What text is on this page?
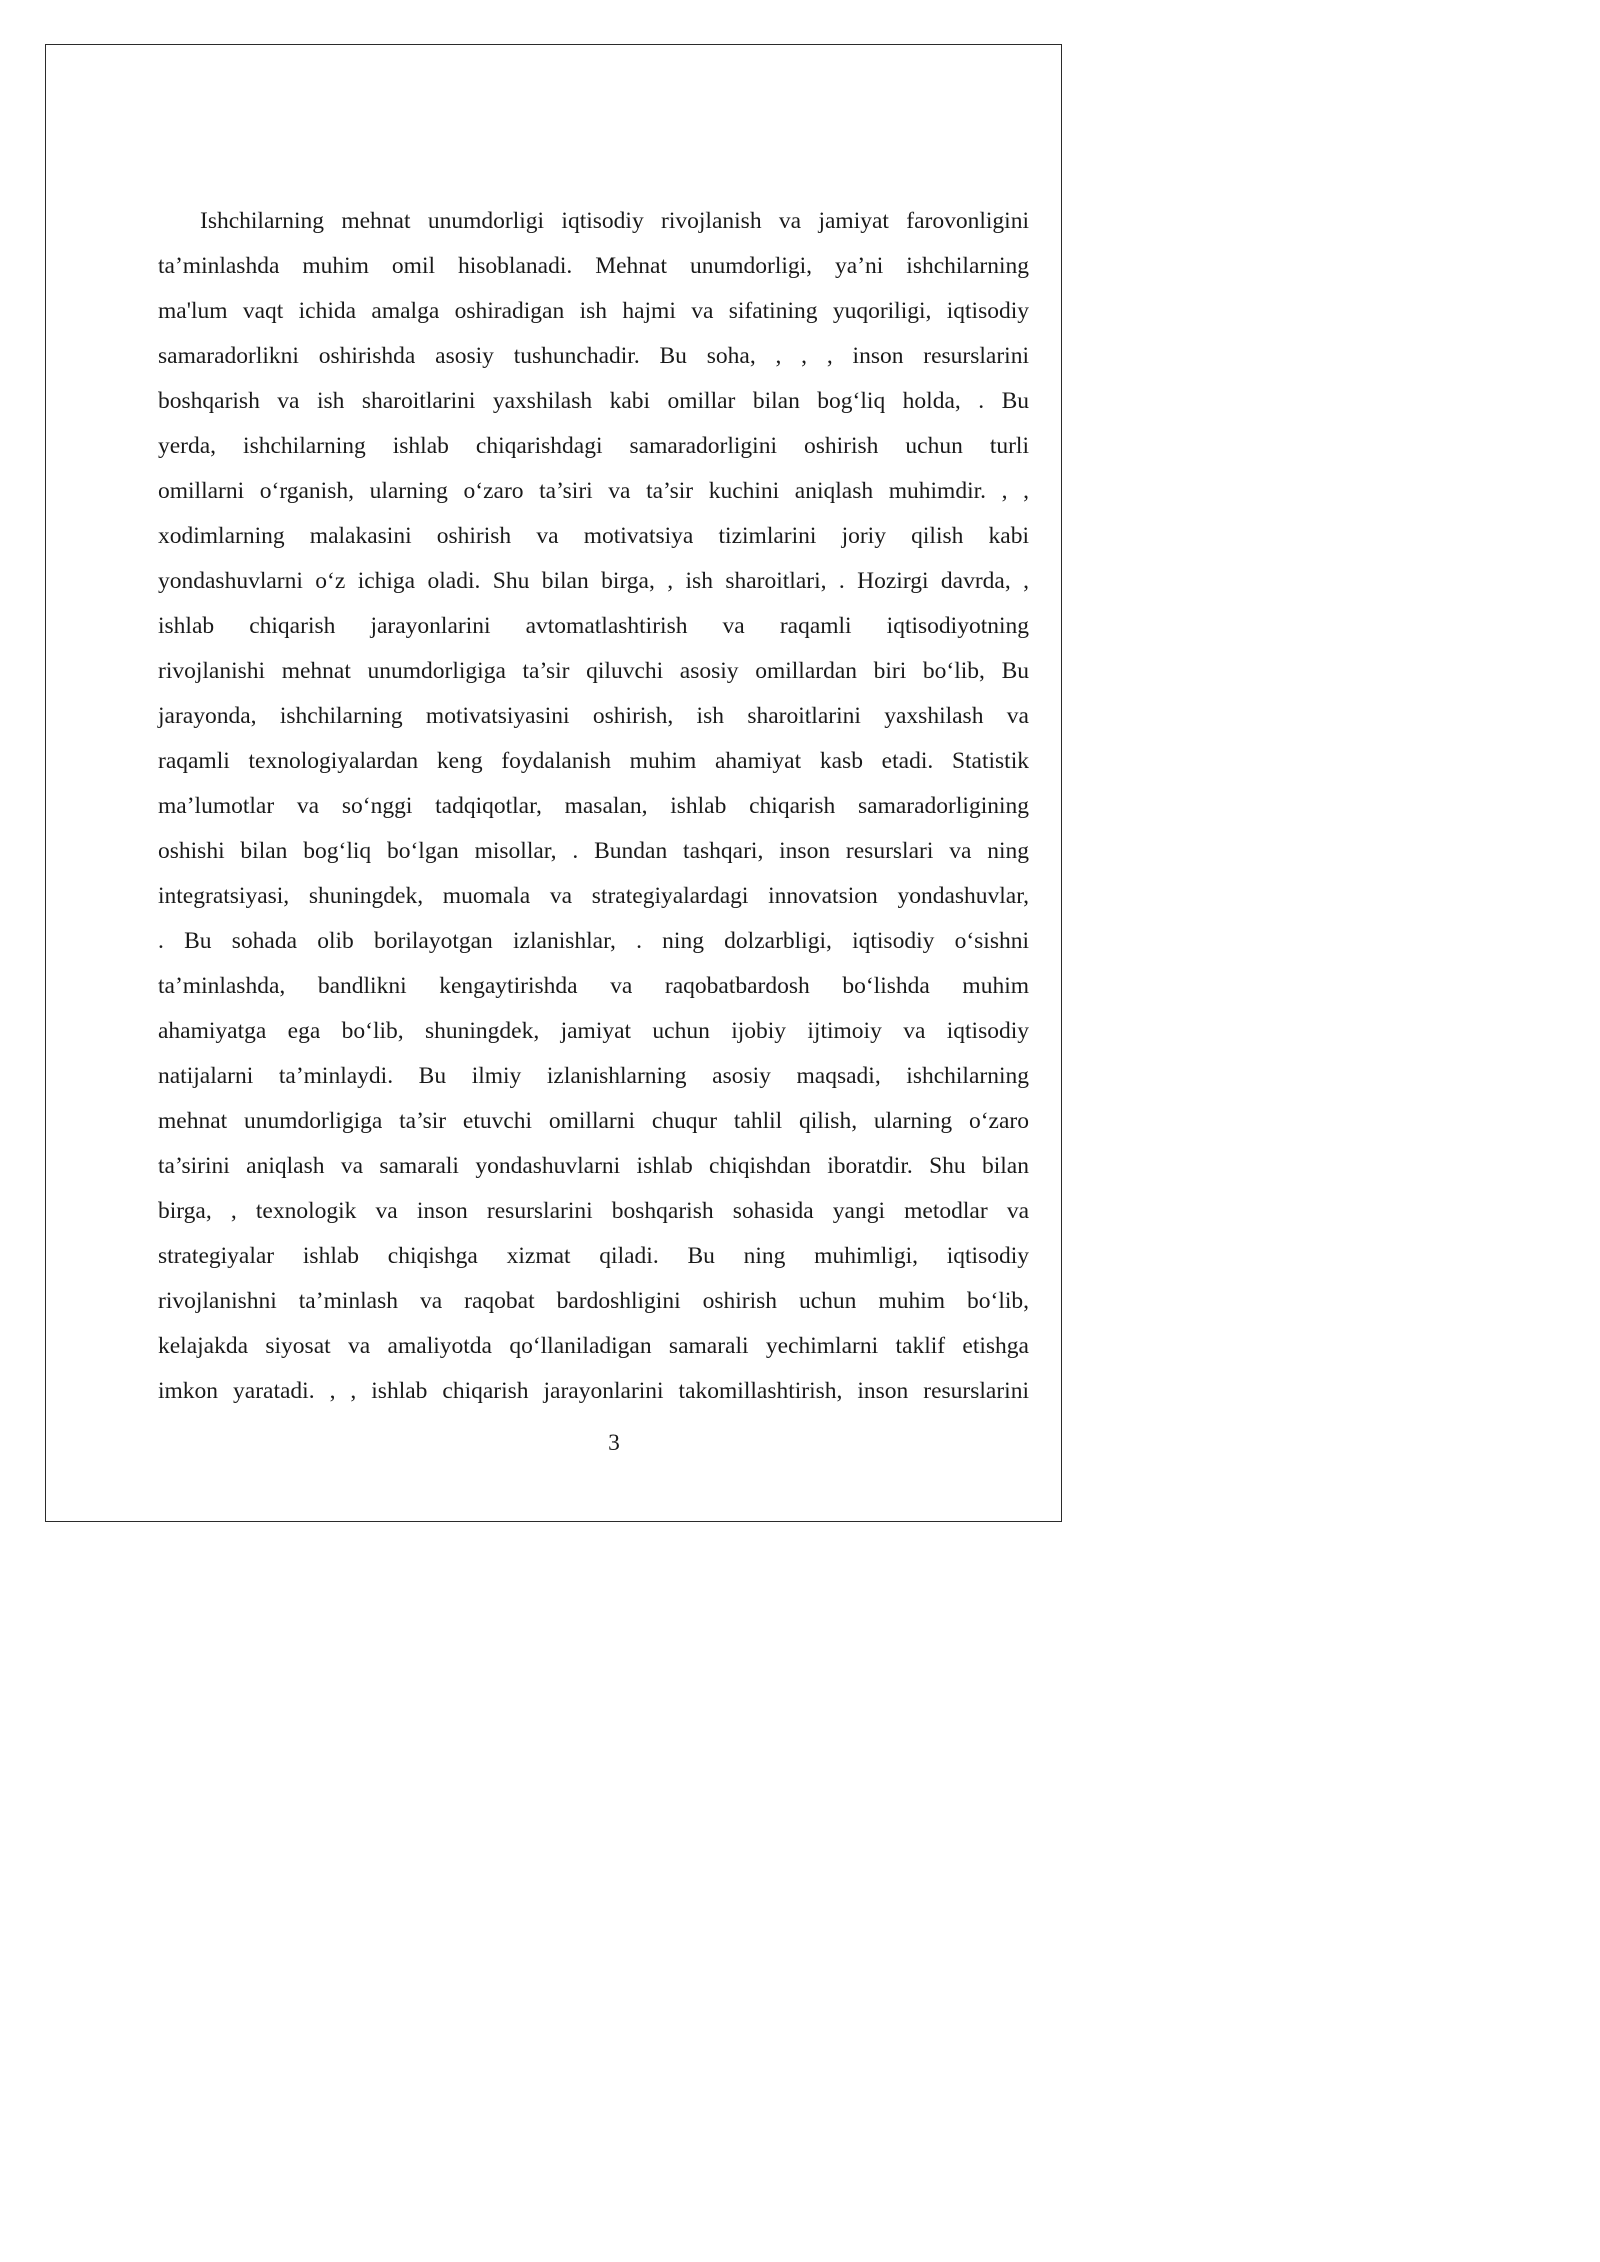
Ishchilarning mehnat unumdorligi iqtisodiy rivojlanish va jamiyat farovonligini
ta’minlashda muhim omil hisoblanadi. Mehnat unumdorligi, ya’ni ishchilarning
ma'lum vaqt ichida amalga oshiradigan ish hajmi va sifatining yuqoriligi, iqtisodiy
samaradorlikni oshirishda asosiy tushunchadir. Bu soha, , , , inson resurslarini
boshqarish va ish sharoitlarini yaxshilash kabi omillar bilan bog‘liq holda, . Bu
yerda, ishchilarning ishlab chiqarishdagi samaradorligini oshirish uchun turli
omillarni o‘rganish, ularning o‘zaro ta’siri va ta’sir kuchini aniqlash muhimdir. , ,
xodimlarning malakasini oshirish va motivatsiya tizimlarini joriy qilish kabi
yondashuvlarni o‘z ichiga oladi. Shu bilan birga, , ish sharoitlari, . Hozirgi davrda, ,
ishlab chiqarish jarayonlarini avtomatlashtirish va raqamli iqtisodiyotning
rivojlanishi mehnat unumdorligiga ta’sir qiluvchi asosiy omillardan biri bo‘lib, Bu
jarayonda, ishchilarning motivatsiyasini oshirish, ish sharoitlarini yaxshilash va
raqamli texnologiyalardan keng foydalanish muhim ahamiyat kasb etadi. Statistik
ma’lumotlar va so‘nggi tadqiqotlar, masalan, ishlab chiqarish samaradorligining
oshishi bilan bog‘liq bo‘lgan misollar, . Bundan tashqari, inson resurslari va ning
integratsiyasi, shuningdek, muomala va strategiyalardagi innovatsion yondashuvlar,
. Bu sohada olib borilayotgan izlanishlar, . ning dolzarbligi, iqtisodiy o‘sishni
ta’minlashda, bandlikni kengaytirishda va raqobatbardosh bo‘lishda muhim
ahamiyatga ega bo‘lib, shuningdek, jamiyat uchun ijobiy ijtimoiy va iqtisodiy
natijalarni ta’minlaydi. Bu ilmiy izlanishlarning asosiy maqsadi, ishchilarning
mehnat unumdorligiga ta’sir etuvchi omillarni chuqur tahlil qilish, ularning o‘zaro
ta’sirini aniqlash va samarali yondashuvlarni ishlab chiqishdan iboratdir. Shu bilan
birga, , texnologik va inson resurslarini boshqarish sohasida yangi metodlar va
strategiyalar ishlab chiqishga xizmat qiladi. Bu ning muhimligi, iqtisodiy
rivojlanishni ta’minlash va raqobat bardoshligini oshirish uchun muhim bo‘lib,
kelajakda siyosat va amaliyotda qo‘llaniladigan samarali yechimlarni taklif etishga
imkon yaratadi. , , ishlab chiqarish jarayonlarini takomillashtirish, inson resurslarini
3
